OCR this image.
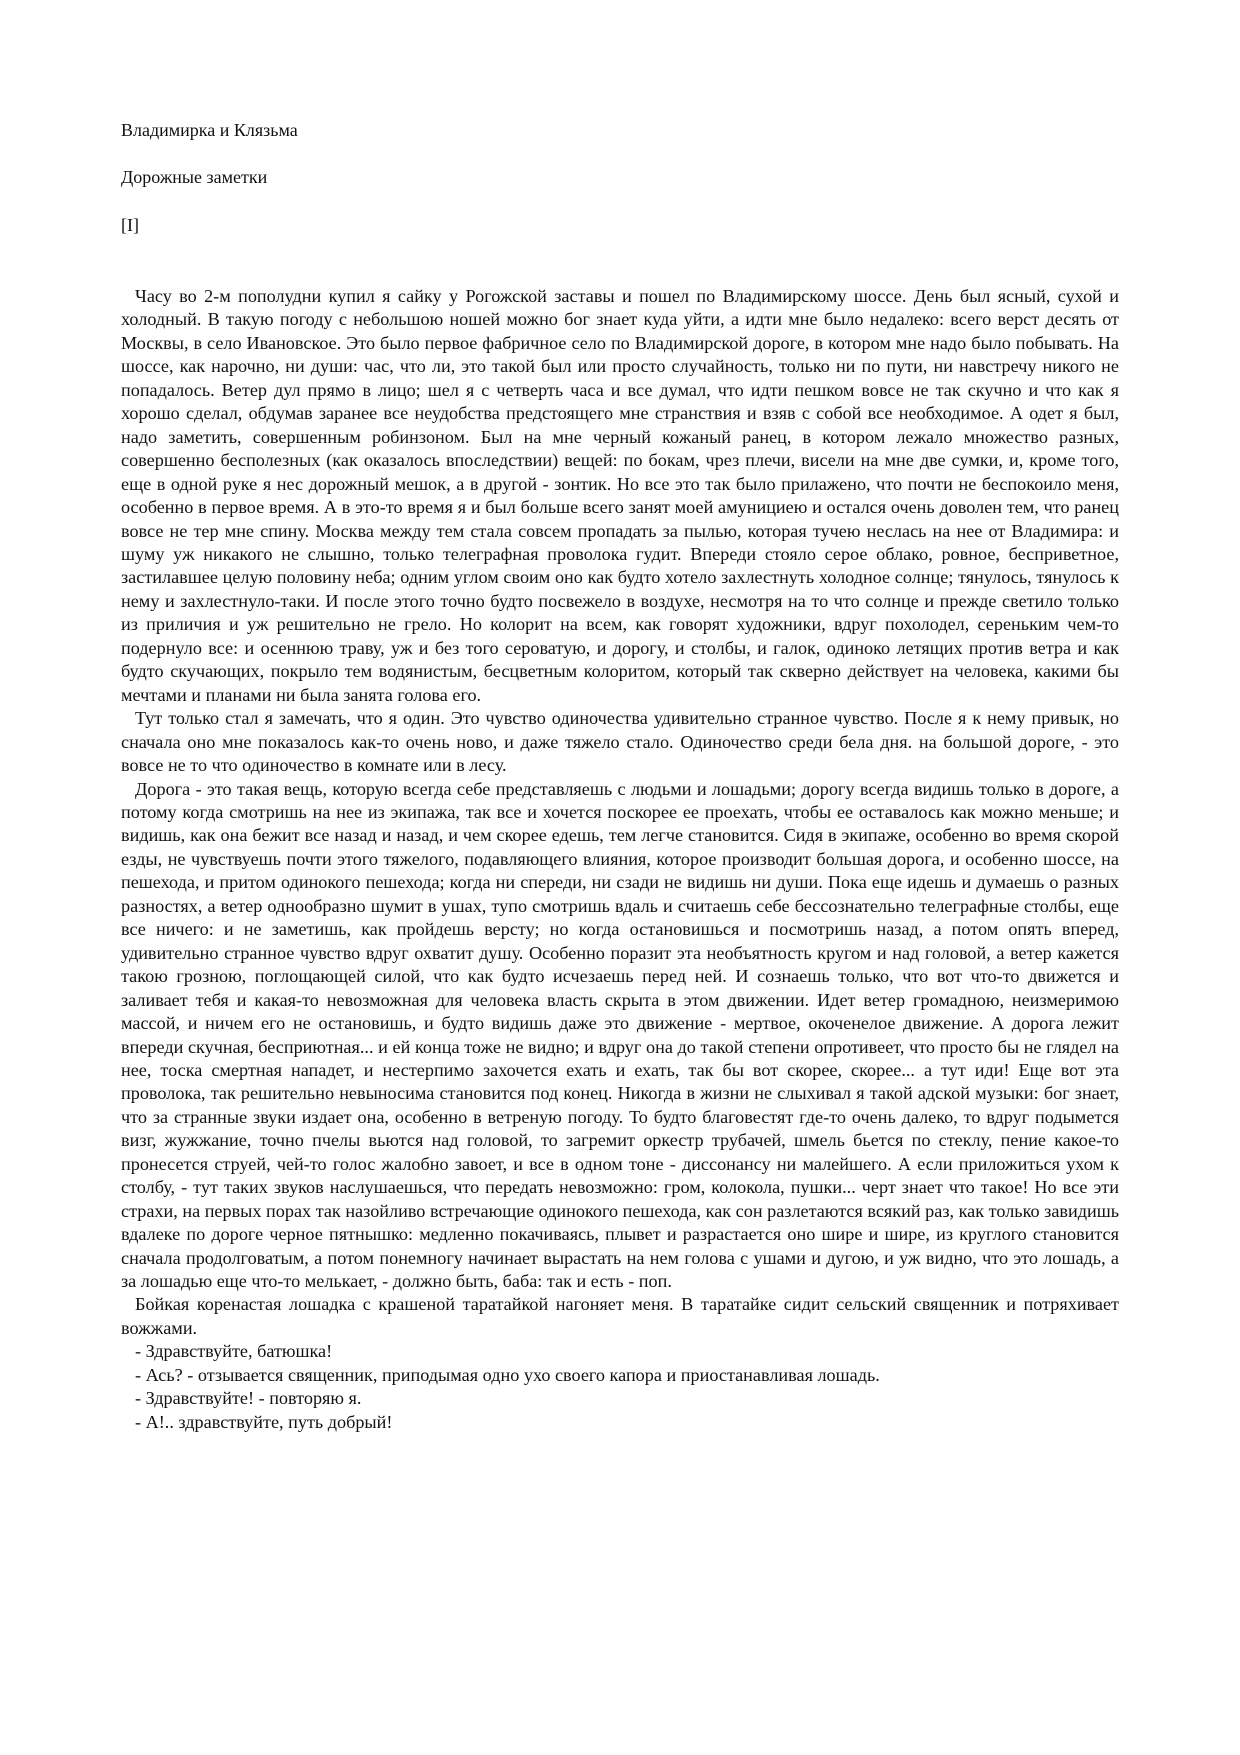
Владимирка и Клязьма

Дорожные заметки

[I]

Часу во 2-м пополудни купил я сайку у Рогожской заставы и пошел по Владимирскому шоссе. День был ясный, сухой и холодный. В такую погоду с небольшою ношей можно бог знает куда уйти, а идти мне было недалеко: всего верст десять от Москвы, в село Ивановское. Это было первое фабричное село по Владимирской дороге, в котором мне надо было побывать. На шоссе, как нарочно, ни души: час, что ли, это такой был или просто случайность, только ни по пути, ни навстречу никого не попадалось. Ветер дул прямо в лицо; шел я с четверть часа и все думал, что идти пешком вовсе не так скучно и что как я хорошо сделал, обдумав заранее все неудобства предстоящего мне странствия и взяв с собой все необходимое. А одет я был, надо заметить, совершенным робинзоном. Был на мне черный кожаный ранец, в котором лежало множество разных, совершенно бесполезных (как оказалось впоследствии) вещей: по бокам, чрез плечи, висели на мне две сумки, и, кроме того, еще в одной руке я нес дорожный мешок, а в другой - зонтик. Но все это так было прилажено, что почти не беспокоило меня, особенно в первое время. А в это-то время я и был больше всего занят моей амунициею и остался очень доволен тем, что ранец вовсе не тер мне спину. Москва между тем стала совсем пропадать за пылью, которая тучею неслась на нее от Владимира: и шуму уж никакого не слышно, только телеграфная проволока гудит. Впереди стояло серое облако, ровное, бесприветное, застилавшее целую половину неба; одним углом своим оно как будто хотело захлестнуть холодное солнце; тянулось, тянулось к нему и захлестнуло-таки. И после этого точно будто посвежело в воздухе, несмотря на то что солнце и прежде светило только из приличия и уж решительно не грело. Но колорит на всем, как говорят художники, вдруг похолодел, сереньким чем-то подернуло все: и осеннюю траву, уж и без того сероватую, и дорогу, и столбы, и галок, одиноко летящих против ветра и как будто скучающих, покрыло тем водянистым, бесцветным колоритом, который так скверно действует на человека, какими бы мечтами и планами ни была занята голова его.

Тут только стал я замечать, что я один. Это чувство одиночества удивительно странное чувство. После я к нему привык, но сначала оно мне показалось как-то очень ново, и даже тяжело стало. Одиночество среди бела дня. на большой дороге, - это вовсе не то что одиночество в комнате или в лесу.

Дорога - это такая вещь, которую всегда себе представляешь с людьми и лошадьми; дорогу всегда видишь только в дороге, а потому когда смотришь на нее из экипажа, так все и хочется поскорее ее проехать, чтобы ее оставалось как можно меньше; и видишь, как она бежит все назад и назад, и чем скорее едешь, тем легче становится. Сидя в экипаже, особенно во время скорой езды, не чувствуешь почти этого тяжелого, подавляющего влияния, которое производит большая дорога, и особенно шоссе, на пешехода, и притом одинокого пешехода; когда ни спереди, ни сзади не видишь ни души. Пока еще идешь и думаешь о разных разностях, а ветер однообразно шумит в ушах, тупо смотришь вдаль и считаешь себе бессознательно телеграфные столбы, еще все ничего: и не заметишь, как пройдешь версту; но когда остановишься и посмотришь назад, а потом опять вперед, удивительно странное чувство вдруг охватит душу. Особенно поразит эта необъятность кругом и над головой, а ветер кажется такою грозною, поглощающей силой, что как будто исчезаешь перед ней. И сознаешь только, что вот что-то движется и заливает тебя и какая-то невозможная для человека власть скрыта в этом движении. Идет ветер громадною, неизмеримою массой, и ничем его не остановишь, и будто видишь даже это движение - мертвое, окоченелое движение. А дорога лежит впереди скучная, бесприютная... и ей конца тоже не видно; и вдруг она до такой степени опротивеет, что просто бы не глядел на нее, тоска смертная нападет, и нестерпимо захочется ехать и ехать, так бы вот скорее, скорее... а тут иди! Еще вот эта проволока, так решительно невыносима становится под конец. Никогда в жизни не слыхивал я такой адской музыки: бог знает, что за странные звуки издает она, особенно в ветреную погоду. То будто благовестят где-то очень далеко, то вдруг подымется визг, жужжание, точно пчелы вьются над головой, то загремит оркестр трубачей, шмель бьется по стеклу, пение какое-то пронесется струей, чей-то голос жалобно завоет, и все в одном тоне - диссонансу ни малейшего. А если приложиться ухом к столбу, - тут таких звуков наслушаешься, что передать невозможно: гром, колокола, пушки... черт знает что такое! Но все эти страхи, на первых порах так назойливо встречающие одинокого пешехода, как сон разлетаются всякий раз, как только завидишь вдалеке по дороге черное пятнышко: медленно покачиваясь, плывет и разрастается оно шире и шире, из круглого становится сначала продолговатым, а потом понемногу начинает вырастать на нем голова с ушами и дугою, и уж видно, что это лошадь, а за лошадью еще что-то мелькает, - должно быть, баба: так и есть - поп.

Бойкая коренастая лошадка с крашеной таратайкой нагоняет меня. В таратайке сидит сельский священник и потряхивает вожжами.

- Здравствуйте, батюшка!

- Ась? - отзывается священник, приподымая одно ухо своего капора и приостанавливая лошадь.

- Здравствуйте! - повторяю я.

- А!.. здравствуйте, путь добрый!
